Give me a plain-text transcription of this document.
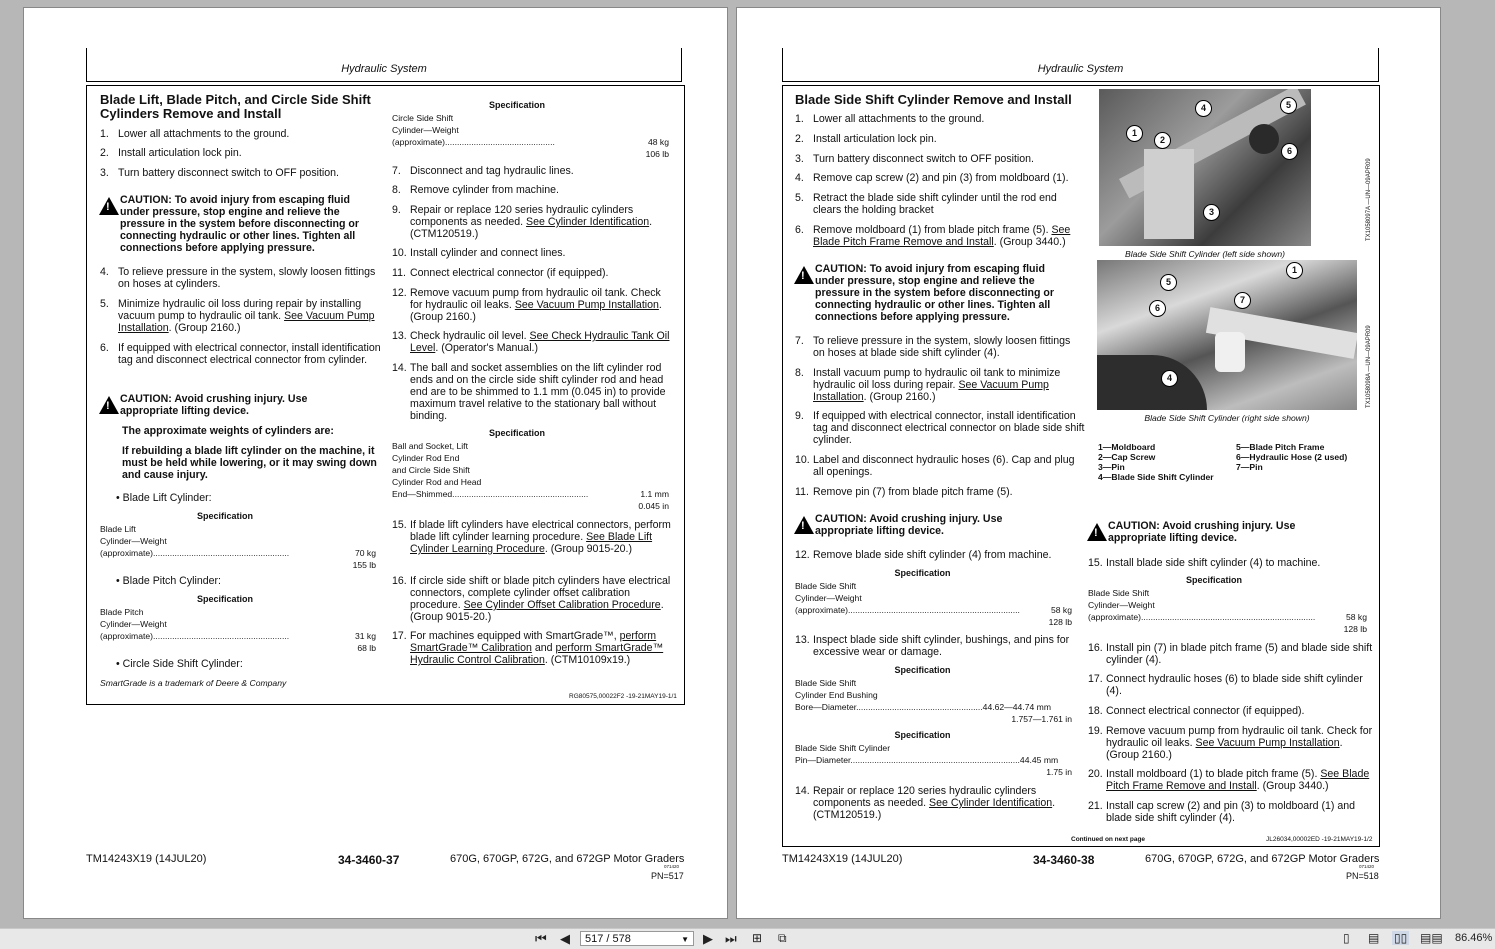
Hydraulic System
Blade Lift, Blade Pitch, and Circle Side Shift Cylinders Remove and Install
1. Lower all attachments to the ground.
2. Install articulation lock pin.
3. Turn battery disconnect switch to OFF position.
!
CAUTION: To avoid injury from escaping fluid under pressure, stop engine and relieve the pressure in the system before disconnecting or connecting hydraulic or other lines. Tighten all connections before applying pressure.
4. To relieve pressure in the system, slowly loosen fittings on hoses at cylinders.
5. Minimize hydraulic oil loss during repair by installing vacuum pump to hydraulic oil tank. See Vacuum Pump Installation. (Group 2160.)
6. If equipped with electrical connector, install identification tag and disconnect electrical connector from cylinder.
!
CAUTION: Avoid crushing injury. Use appropriate lifting device.
The approximate weights of cylinders are:
If rebuilding a blade lift cylinder on the machine, it must be held while lowering, or it may swing down and cause injury.
• Blade Lift Cylinder:
Specification
Blade Lift
Cylinder—Weight
(approximate).........................................................	70 kg
155 lb
• Blade Pitch Cylinder:
Specification
Blade Pitch
Cylinder—Weight
(approximate).........................................................	31 kg
68 lb
• Circle Side Shift Cylinder:
SmartGrade is a trademark of Deere & Company
Specification
Circle Side Shift
Cylinder—Weight
(approximate)..............................................	48 kg
106 lb
7. Disconnect and tag hydraulic lines.
8. Remove cylinder from machine.
9. Repair or replace 120 series hydraulic cylinders components as needed. See Cylinder Identification. (CTM120519.)
10. Install cylinder and connect lines.
11. Connect electrical connector (if equipped).
12. Remove vacuum pump from hydraulic oil tank. Check for hydraulic oil leaks. See Vacuum Pump Installation. (Group 2160.)
13. Check hydraulic oil level. See Check Hydraulic Tank Oil Level. (Operator's Manual.)
14. The ball and socket assemblies on the lift cylinder rod ends and on the circle side shift cylinder rod and head end are to be shimmed to 1.1 mm (0.045 in) to provide maximum travel relative to the stationary ball without binding.
Specification
Ball and Socket, Lift
Cylinder Rod End
and Circle Side Shift
Cylinder Rod and Head
End—Shimmed.........................................................	1.1 mm
0.045 in
15. If blade lift cylinders have electrical connectors, perform blade lift cylinder learning procedure. See Blade Lift Cylinder Learning Procedure. (Group 9015-20.)
16. If circle side shift or blade pitch cylinders have electrical connectors, complete cylinder offset calibration procedure. See Cylinder Offset Calibration Procedure. (Group 9015-20.)
17. For machines equipped with SmartGrade™, perform SmartGrade™ Calibration and perform SmartGrade™ Hydraulic Control Calibration. (CTM10109x19.)
RG80575,00022F2 -19-21MAY19-1/1
TM14243X19 (14JUL20)	34-3460-37	670G, 670GP, 672G, and 672GP Motor Graders
071420
PN=517
Hydraulic System
Blade Side Shift Cylinder Remove and Install
1. Lower all attachments to the ground.
2. Install articulation lock pin.
3. Turn battery disconnect switch to OFF position.
4. Remove cap screw (2) and pin (3) from moldboard (1).
5. Retract the blade side shift cylinder until the rod end clears the holding bracket
6. Remove moldboard (1) from blade pitch frame (5). See Blade Pitch Frame Remove and Install. (Group 3440.)
!
CAUTION: To avoid injury from escaping fluid under pressure, stop engine and relieve the pressure in the system before disconnecting or connecting hydraulic or other lines. Tighten all connections before applying pressure.
7. To relieve pressure in the system, slowly loosen fittings on hoses at blade side shift cylinder (4).
8. Install vacuum pump to hydraulic oil tank to minimize hydraulic oil loss during repair. See Vacuum Pump Installation. (Group 2160.)
9. If equipped with electrical connector, install identification tag and disconnect electrical connector on blade side shift cylinder.
10. Label and disconnect hydraulic hoses (6). Cap and plug all openings.
11. Remove pin (7) from blade pitch frame (5).
!
CAUTION: Avoid crushing injury. Use appropriate lifting device.
12. Remove blade side shift cylinder (4) from machine.
Specification
Blade Side Shift
Cylinder—Weight
(approximate)........................................................................	58 kg
128 lb
13. Inspect blade side shift cylinder, bushings, and pins for excessive wear or damage.
Specification
Blade Side Shift
Cylinder End Bushing
Bore—Diameter.....................................................44.62—44.74 mm
1.757—1.761 in
Specification
Blade Side Shift Cylinder
Pin—Diameter.......................................................................44.45 mm
1.75 in
14. Repair or replace 120 series hydraulic cylinders components as needed. See Cylinder Identification. (CTM120519.)
Continued on next page	JL26034,00002ED -19-21MAY19-1/2
1
2
3
4	5
6
Blade Side Shift Cylinder (left side shown)
TX1058097A —UN—09APR09
1
4
5
6
7
Blade Side Shift Cylinder (right side shown)
TX1058098A —UN—09APR09
1—Moldboard
2—Cap Screw
3—Pin
4—Blade Side Shift Cylinder
5—Blade Pitch Frame
6—Hydraulic Hose (2 used)
7—Pin
!
CAUTION: Avoid crushing injury. Use appropriate lifting device.
15. Install blade side shift cylinder (4) to machine.
Specification
Blade Side Shift
Cylinder—Weight
(approximate).........................................................................	58 kg
128 lb
16. Install pin (7) in blade pitch frame (5) and blade side shift cylinder (4).
17. Connect hydraulic hoses (6) to blade side shift cylinder (4).
18. Connect electrical connector (if equipped).
19. Remove vacuum pump from hydraulic oil tank. Check for hydraulic oil leaks. See Vacuum Pump Installation. (Group 2160.)
20. Install moldboard (1) to blade pitch frame (5). See Blade Pitch Frame Remove and Install. (Group 3440.)
21. Install cap screw (2) and pin (3) to moldboard (1) and blade side shift cylinder (4).
TM14243X19 (14JUL20)	34-3460-38	670G, 670GP, 672G, and 672GP Motor Graders
071420
PN=518
⏮ ◀	517 / 578	▼ ▶ ⏭ ⊞ ⧉	▯ ▤ ▯▯ ▤▤ 86.46%
